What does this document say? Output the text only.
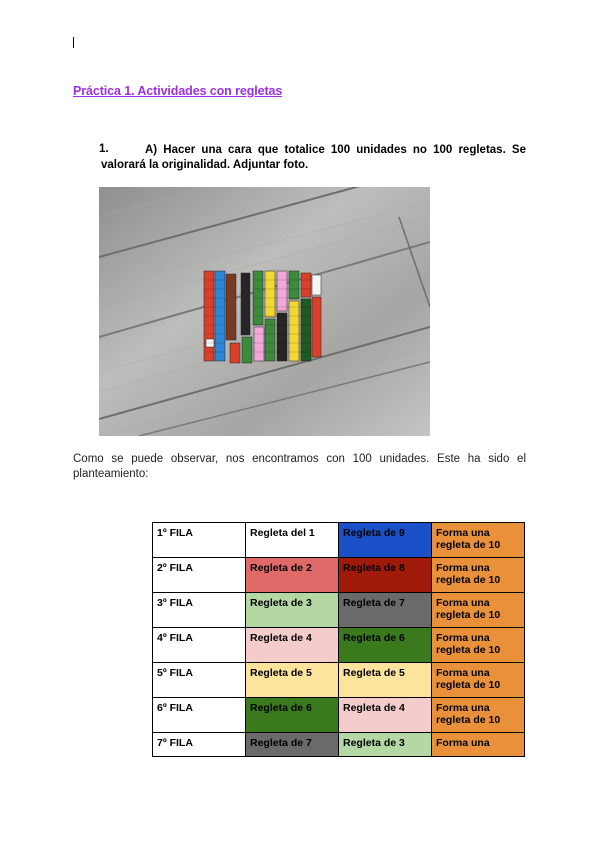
Práctica 1. Actividades con regletas
1.	A) Hacer una cara que totalice 100 unidades no 100 regletas. Se valorará la originalidad. Adjuntar foto.
Como se puede observar, nos encontramos con 100 unidades. Este ha sido el planteamiento:
1º FILA	Regleta del 1	Regleta de 9	Forma una regleta de 10
2º FILA	Regleta de 2	Regleta de 8	Forma una regleta de 10
3º FILA	Regleta de 3	Regleta de 7	Forma una regleta de 10
4º FILA	Regleta de 4	Regleta de 6	Forma una regleta de 10
5º FILA	Regleta de 5	Regleta de 5	Forma una regleta de 10
6º FILA	Regleta de 6	Regleta de 4	Forma una regleta de 10
7º FILA	Regleta de 7	Regleta de 3	Forma una
